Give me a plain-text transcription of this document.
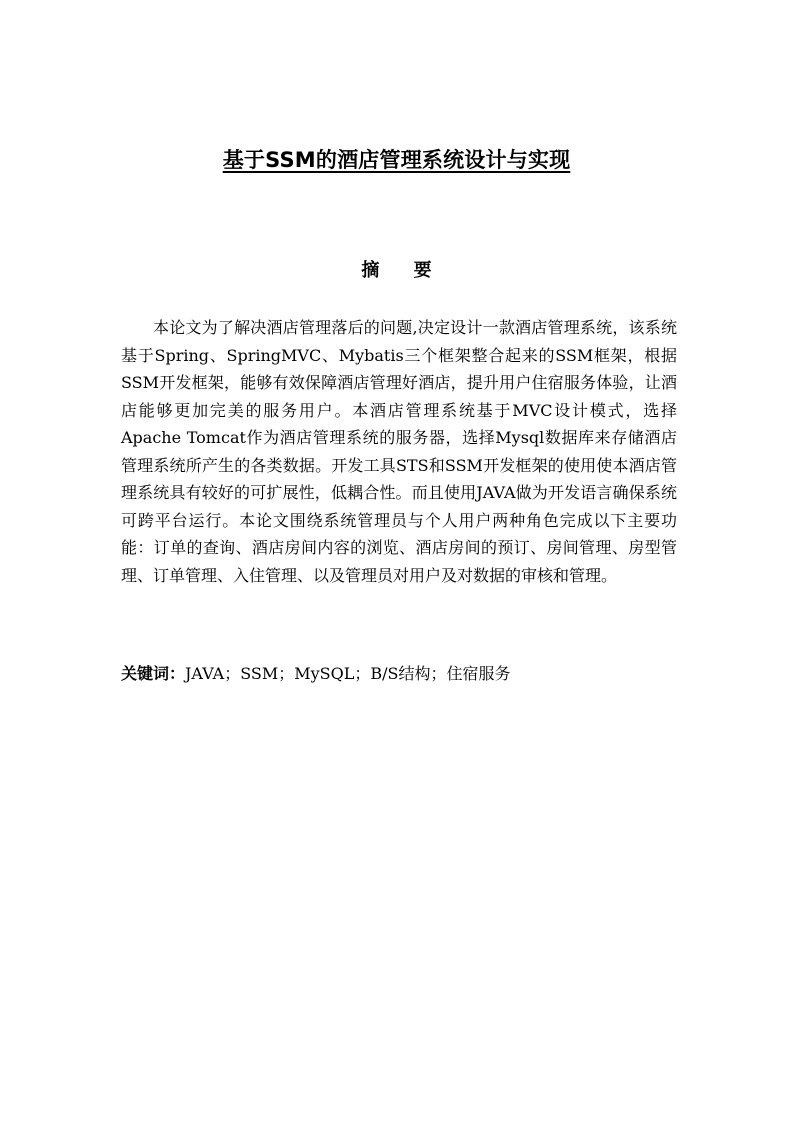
基于SSM的酒店管理系统设计与实现
摘 要

本论文为了解决酒店管理落后的问题,决定设计一款酒店管理系统，该系统基于Spring、SpringMVC、Mybatis三个框架整合起来的SSM框架，根据SSM开发框架，能够有效保障酒店管理好酒店，提升用户住宿服务体验，让酒店能够更加完美的服务用户。本酒店管理系统基于MVC设计模式，选择Apache Tomcat作为酒店管理系统的服务器，选择Mysql数据库来存储酒店管理系统所产生的各类数据。开发工具STS和SSM开发框架的使用使本酒店管理系统具有较好的可扩展性，低耦合性。而且使用JAVA做为开发语言确保系统可跨平台运行。本论文围绕系统管理员与个人用户两种角色完成以下主要功能：订单的查询、酒店房间内容的浏览、酒店房间的预订、房间管理、房型管理、订单管理、入住管理、以及管理员对用户及对数据的审核和管理。

关键词：JAVA；SSM；MySQL；B/S结构；住宿服务
